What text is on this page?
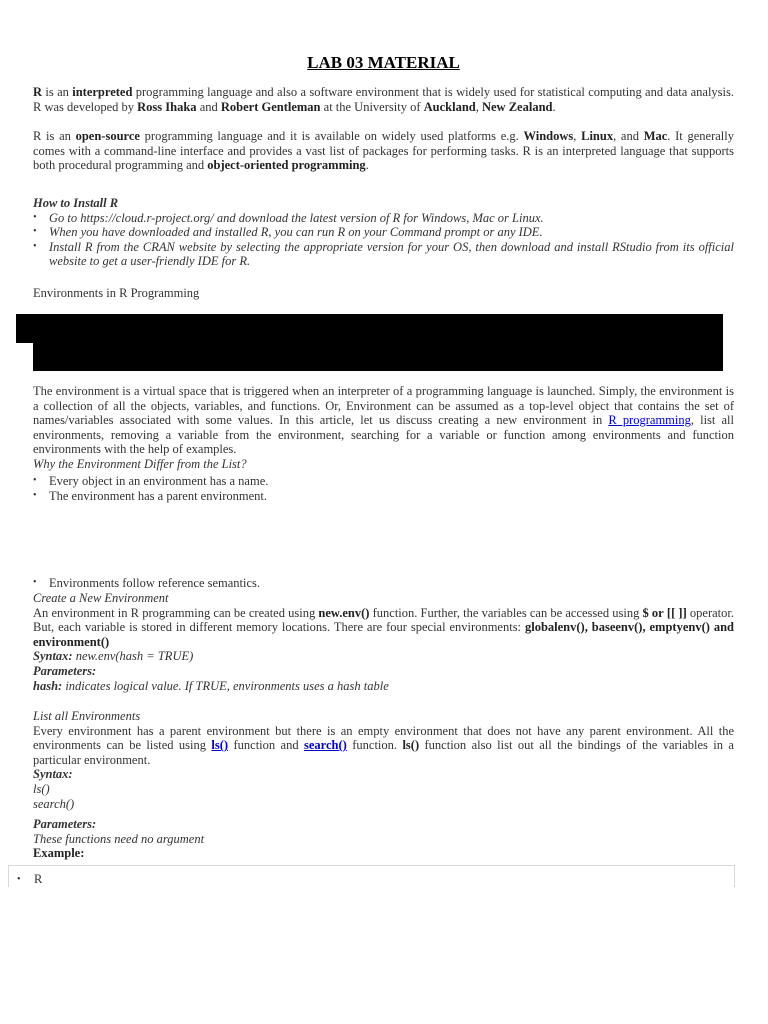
LAB 03 MATERIAL
R is an interpreted programming language and also a software environment that is widely used for statistical computing and data analysis. R was developed by Ross Ihaka and Robert Gentleman at the University of Auckland, New Zealand.
R is an open-source programming language and it is available on widely used platforms e.g. Windows, Linux, and Mac. It generally comes with a command-line interface and provides a vast list of packages for performing tasks. R is an interpreted language that supports both procedural programming and object-oriented programming.
How to Install R
• Go to https://cloud.r-project.org/ and download the latest version of R for Windows, Mac or Linux.
• When you have downloaded and installed R, you can run R on your Command prompt or any IDE.
• Install R from the CRAN website by selecting the appropriate version for your OS, then download and install RStudio from its official website to get a user-friendly IDE for R.
Environments in R Programming
The environment is a virtual space that is triggered when an interpreter of a programming language is launched. Simply, the environment is a collection of all the objects, variables, and functions. Or, Environment can be assumed as a top-level object that contains the set of names/variables associated with some values. In this article, let us discuss creating a new environment in R programming, list all environments, removing a variable from the environment, searching for a variable or function among environments and function environments with the help of examples.
Why the Environment Differ from the List?
• Every object in an environment has a name.
• The environment has a parent environment.
• Environments follow reference semantics.
Create a New Environment
An environment in R programming can be created using new.env() function. Further, the variables can be accessed using $ or [[ ]] operator. But, each variable is stored in different memory locations. There are four special environments: globalenv(), baseenv(), emptyenv() and environment()
Syntax: new.env(hash = TRUE)
Parameters:
hash: indicates logical value. If TRUE, environments uses a hash table
List all Environments
Every environment has a parent environment but there is an empty environment that does not have any parent environment. All the environments can be listed using ls() function and search() function. ls() function also list out all the bindings of the variables in a particular environment.
Syntax:
ls()
search()
Parameters:
These functions need no argument
Example:
• R
